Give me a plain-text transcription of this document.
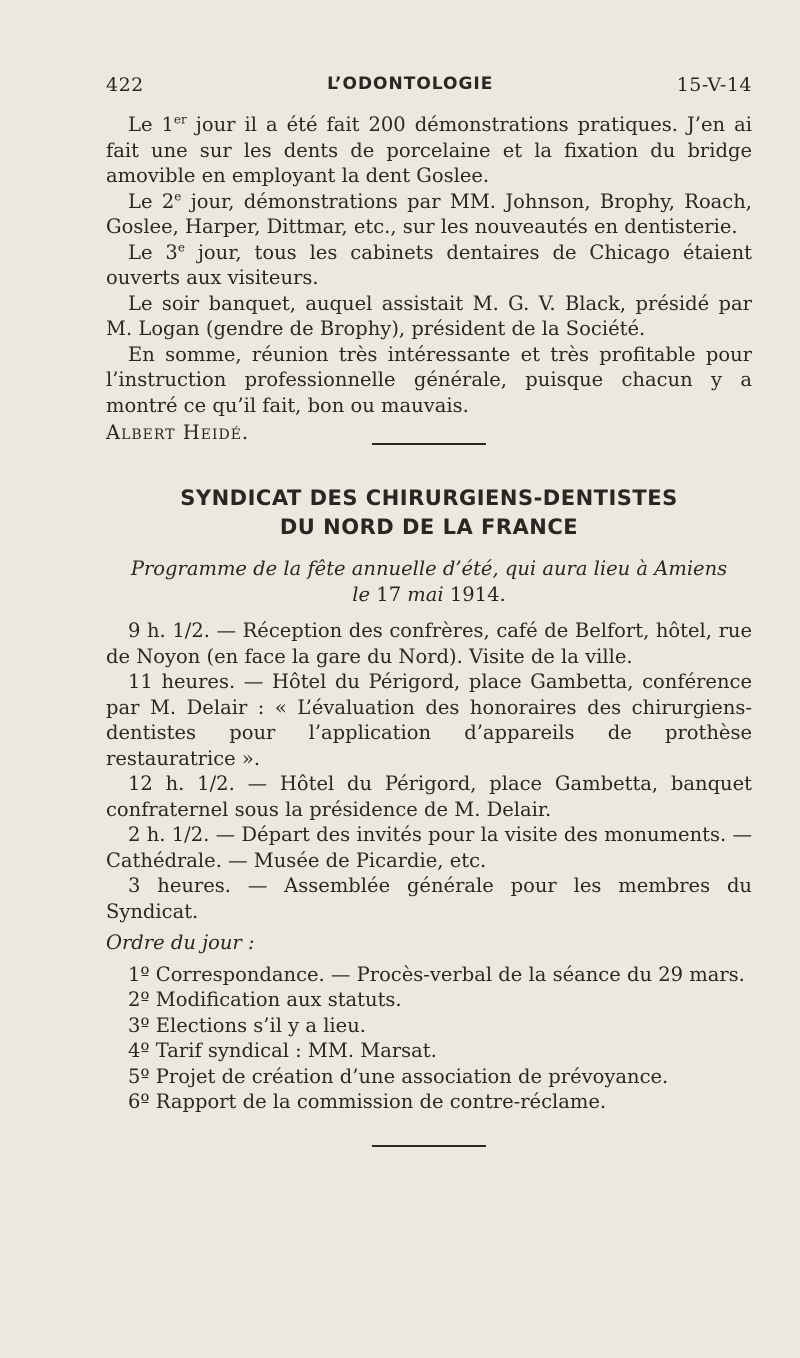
422	L’ODONTOLOGIE	15-V-14

Le 1er jour il a été fait 200 démonstrations pratiques. J’en ai fait une sur les dents de porcelaine et la fixation du bridge amovible en employant la dent Goslee.

Le 2e jour, démonstrations par MM. Johnson, Brophy, Roach, Goslee, Harper, Dittmar, etc., sur les nouveautés en dentisterie.

Le 3e jour, tous les cabinets dentaires de Chicago étaient ouverts aux visiteurs.

Le soir banquet, auquel assistait M. G. V. Black, présidé par M. Logan (gendre de Brophy), président de la Société.

En somme, réunion très intéressante et très profitable pour l’instruction professionnelle générale, puisque chacun y a montré ce qu’il fait, bon ou mauvais.

Albert Heidé.

SYNDICAT DES CHIRURGIENS-DENTISTES
DU NORD DE LA FRANCE
Programme de la fête annuelle d’été, qui aura lieu à Amiens
le 17 mai 1914.

9 h. 1/2. — Réception des confrères, café de Belfort, hôtel, rue de Noyon (en face la gare du Nord). Visite de la ville.

11 heures. — Hôtel du Périgord, place Gambetta, conférence par M. Delair : « L’évaluation des honoraires des chirurgiens-dentistes pour l’application d’appareils de prothèse restauratrice ».

12 h. 1/2. — Hôtel du Périgord, place Gambetta, banquet confraternel sous la présidence de M. Delair.

2 h. 1/2. — Départ des invités pour la visite des monuments. — Cathédrale. — Musée de Picardie, etc.

3 heures. — Assemblée générale pour les membres du Syndicat.

Ordre du jour :

1º Correspondance. — Procès-verbal de la séance du 29 mars.

2º Modification aux statuts.

3º Elections s’il y a lieu.

4º Tarif syndical : MM. Marsat.

5º Projet de création d’une association de prévoyance.

6º Rapport de la commission de contre-réclame.
